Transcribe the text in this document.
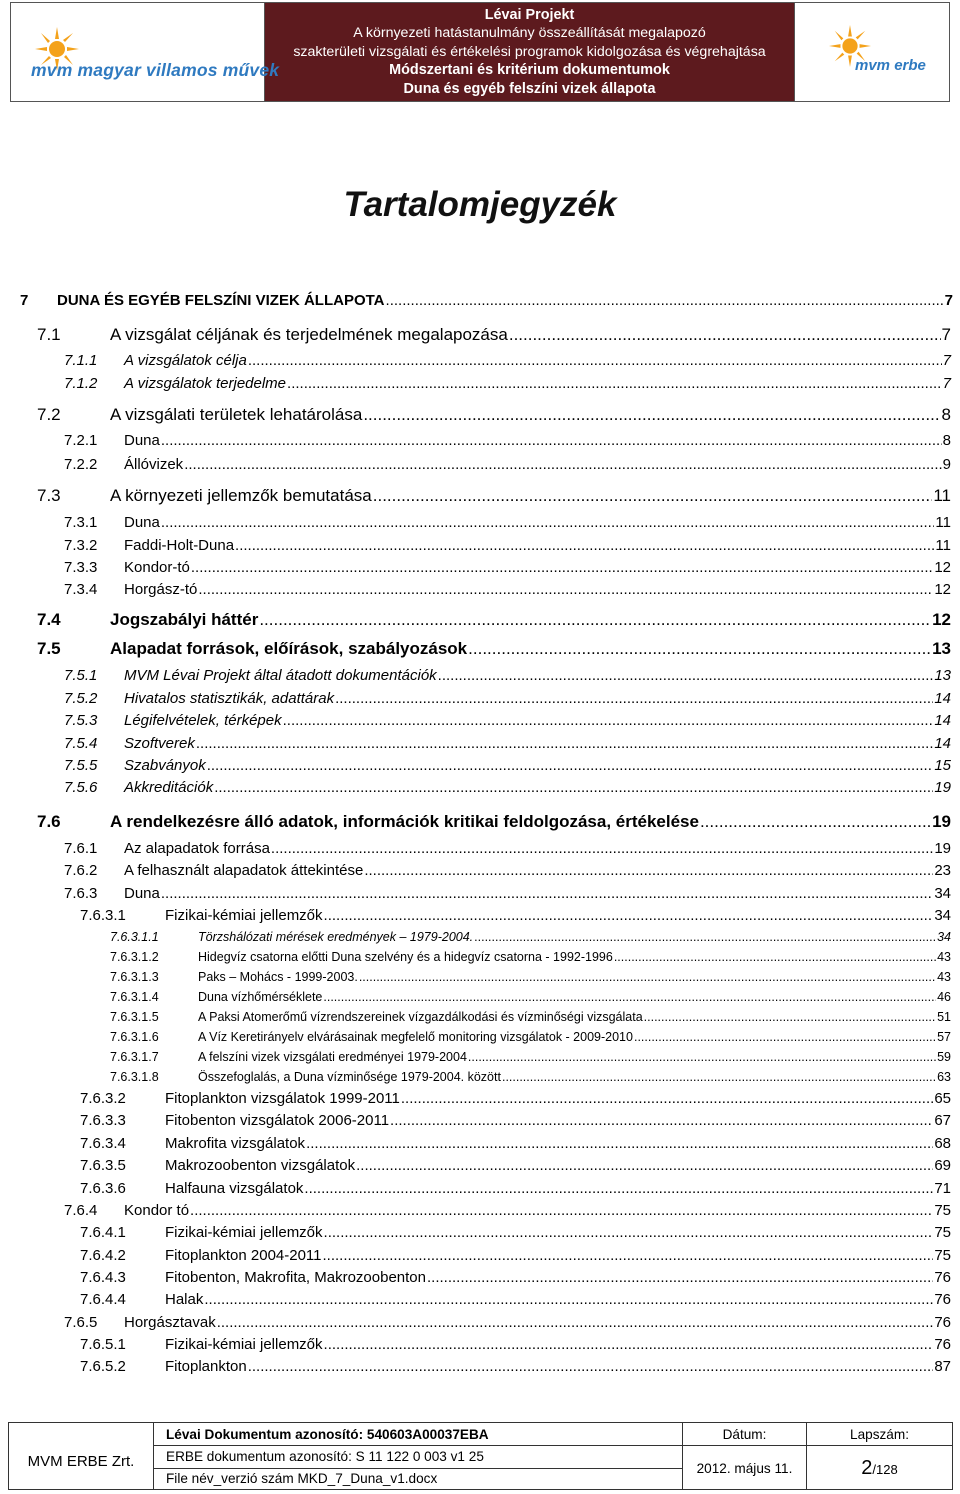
mvm magyar villamos művek
Lévai Projekt
A környezeti hatástanulmány összeállítását megalapozó
szakterületi vizsgálati és értékelési programok kidolgozása és végrehajtása
Módszertani és kritérium dokumentumok
Duna és egyéb felszíni vizek állapota
mvm erbe
Tartalomjegyzék
7	DUNA ÉS EGYÉB FELSZÍNI VIZEK ÁLLAPOTA .....	7
7.1	A vizsgálat céljának és terjedelmének megalapozása .....	7
7.1.1	A vizsgálatok célja .....	7
7.1.2	A vizsgálatok terjedelme .....	7
7.2	A vizsgálati területek lehatárolása .....	8
7.2.1	Duna .....	8
7.2.2	Állóvizek .....	9
7.3	A környezeti jellemzők bemutatása .....	11
7.3.1	Duna .....	11
7.3.2	Faddi-Holt-Duna .....	11
7.3.3	Kondor-tó .....	12
7.3.4	Horgász-tó .....	12
7.4	Jogszabályi háttér .....	12
7.5	Alapadat források, előírások, szabályozások .....	13
7.5.1	MVM Lévai Projekt által átadott dokumentációk .....	13
7.5.2	Hivatalos statisztikák, adattárak .....	14
7.5.3	Légifelvételek, térképek .....	14
7.5.4	Szoftverek .....	14
7.5.5	Szabványok .....	15
7.5.6	Akkreditációk .....	19
7.6	A rendelkezésre álló adatok, információk kritikai feldolgozása, értékelése .....	19
7.6.1	Az alapadatok forrása .....	19
7.6.2	A felhasznált alapadatok áttekintése .....	23
7.6.3	Duna .....	34
7.6.3.1	Fizikai-kémiai jellemzők .....	34
7.6.3.1.1	Törzshálózati mérések eredmények – 1979-2004. .....	34
7.6.3.1.2	Hidegvíz csatorna előtti Duna szelvény és a hidegvíz csatorna - 1992-1996 .....	43
7.6.3.1.3	Paks – Mohács - 1999-2003. .....	43
7.6.3.1.4	Duna vízhőmérséklete .....	46
7.6.3.1.5	A Paksi Atomerőmű vízrendszereinek vízgazdálkodási és vízminőségi vizsgálata .....	51
7.6.3.1.6	A Víz Keretirányelv elvárásainak megfelelő monitoring vizsgálatok - 2009-2010 .....	57
7.6.3.1.7	A felszíni vizek vizsgálati eredményei 1979-2004 .....	59
7.6.3.1.8	Összefoglalás, a Duna vízminősége 1979-2004. között .....	63
7.6.3.2	Fitoplankton vizsgálatok 1999-2011 .....	65
7.6.3.3	Fitobenton vizsgálatok 2006-2011 .....	67
7.6.3.4	Makrofita vizsgálatok .....	68
7.6.3.5	Makrozoobenton vizsgálatok .....	69
7.6.3.6	Halfauna vizsgálatok .....	71
7.6.4	Kondor tó .....	75
7.6.4.1	Fizikai-kémiai jellemzők .....	75
7.6.4.2	Fitoplankton 2004-2011 .....	75
7.6.4.3	Fitobenton, Makrofita, Makrozoobenton .....	76
7.6.4.4	Halak .....	76
7.6.5	Horgásztavak .....	76
7.6.5.1	Fizikai-kémiai jellemzők .....	76
7.6.5.2	Fitoplankton .....	87
MVM ERBE Zrt.
Lévai Dokumentum azonosító: 540603A00037EBA
ERBE dokumentum azonosító: S 11 122 0 003 v1 25
File név_verzió szám MKD_7_Duna_v1.docx
Dátum:
2012. május 11.
Lapszám:
2/128
